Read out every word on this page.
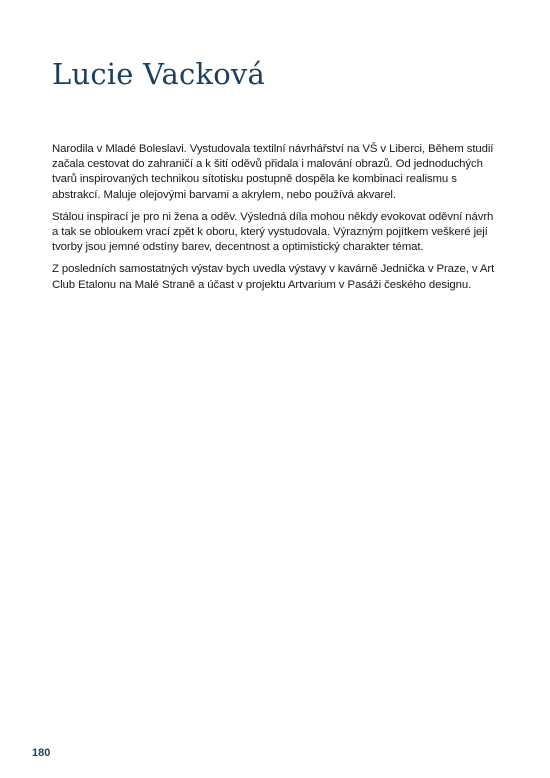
Lucie Vacková

Narodila v Mladé Boleslavi. Vystudovala textilní návrhářství na VŠ v Liberci, Během studií začala cestovat do zahraničí a k šití oděvů přidala i malování obrazů. Od jednoduchých tvarů inspirovaných technikou sítotisku postupně dospěla ke kombinaci realismu s abstrakcí. Maluje olejovými barvami a akrylem, nebo používá akvarel.

Stálou inspirací je pro ni žena a oděv. Výsledná díla mohou někdy evokovat oděvní návrh a tak se obloukem vrací zpět k oboru, který vystudovala. Výrazným pojítkem veškeré její tvorby jsou jemné odstíny barev, decentnost a optimistický charakter témat.

Z posledních samostatných výstav bych uvedla výstavy v kavárně Jednička v Praze, v Art Club Etalonu na Malé Straně a účast v projektu Artvarium v Pasáži českého designu.

180
